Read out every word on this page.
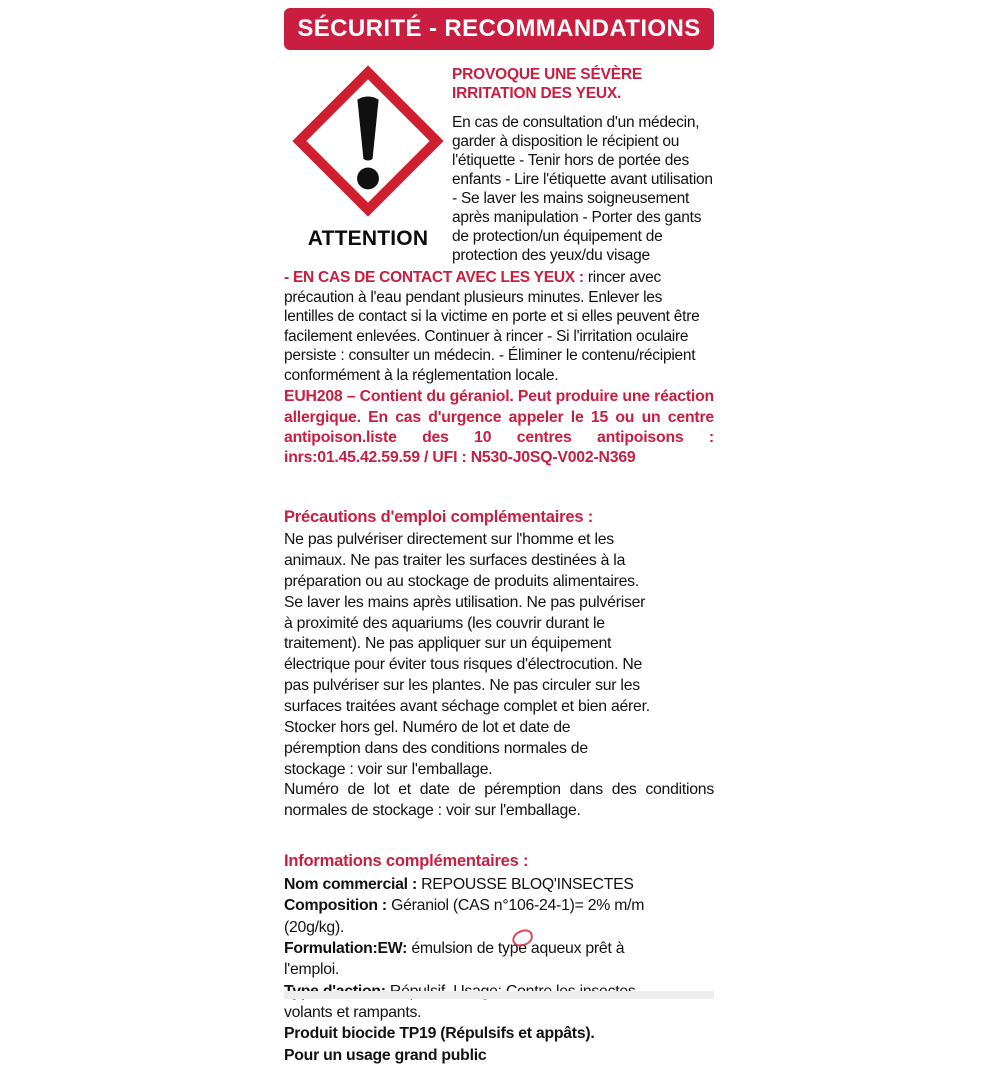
SÉCURITÉ - RECOMMANDATIONS
ATTENTION
PROVOQUE UNE SÉVÈRE IRRITATION DES YEUX.
En cas de consultation d'un médecin, garder à disposition le récipient ou l'étiquette - Tenir hors de portée des enfants - Lire l'étiquette avant utilisation - Se laver les mains soigneusement après manipulation - Porter des gants de protection/un équipement de protection des yeux/du visage
- EN CAS DE CONTACT AVEC LES YEUX : rincer avec précaution à l'eau pendant plusieurs minutes. Enlever les lentilles de contact si la victime en porte et si elles peuvent être facilement enlevées. Continuer à rincer - Si l'irritation oculaire persiste : consulter un médecin. - Éliminer le contenu/récipient conformément à la réglementation locale.
EUH208 – Contient du géraniol. Peut produire une réaction allergique. En cas d'urgence appeler le 15 ou un centre antipoison.liste des 10 centres antipoisons : inrs:01.45.42.59.59 / UFI : N530-J0SQ-V002-N369
Précautions d'emploi complémentaires :
Ne pas pulvériser directement sur l'homme et les animaux. Ne pas traiter les surfaces destinées à la préparation ou au stockage de produits alimentaires. Se laver les mains après utilisation. Ne pas pulvériser à proximité des aquariums (les couvrir durant le traitement). Ne pas appliquer sur un équipement électrique pour éviter tous risques d'électrocution. Ne pas pulvériser sur les plantes. Ne pas circuler sur les surfaces traitées avant séchage complet et bien aérer. Stocker hors gel. Numéro de lot et date de péremption dans des conditions normales de stockage : voir sur l'emballage.
Numéro de lot et date de péremption dans des conditions normales de stockage : voir sur l'emballage.
Informations complémentaires :
Nom commercial : REPOUSSE BLOQ'INSECTES
Composition : Géraniol (CAS n°106-24-1)= 2% m/m (20g/kg).
Formulation:EW: émulsion de type aqueux prêt à l'emploi.
volants et rampants.
Produit biocide TP19 (Répulsifs et appâts).
Pour un usage grand public
